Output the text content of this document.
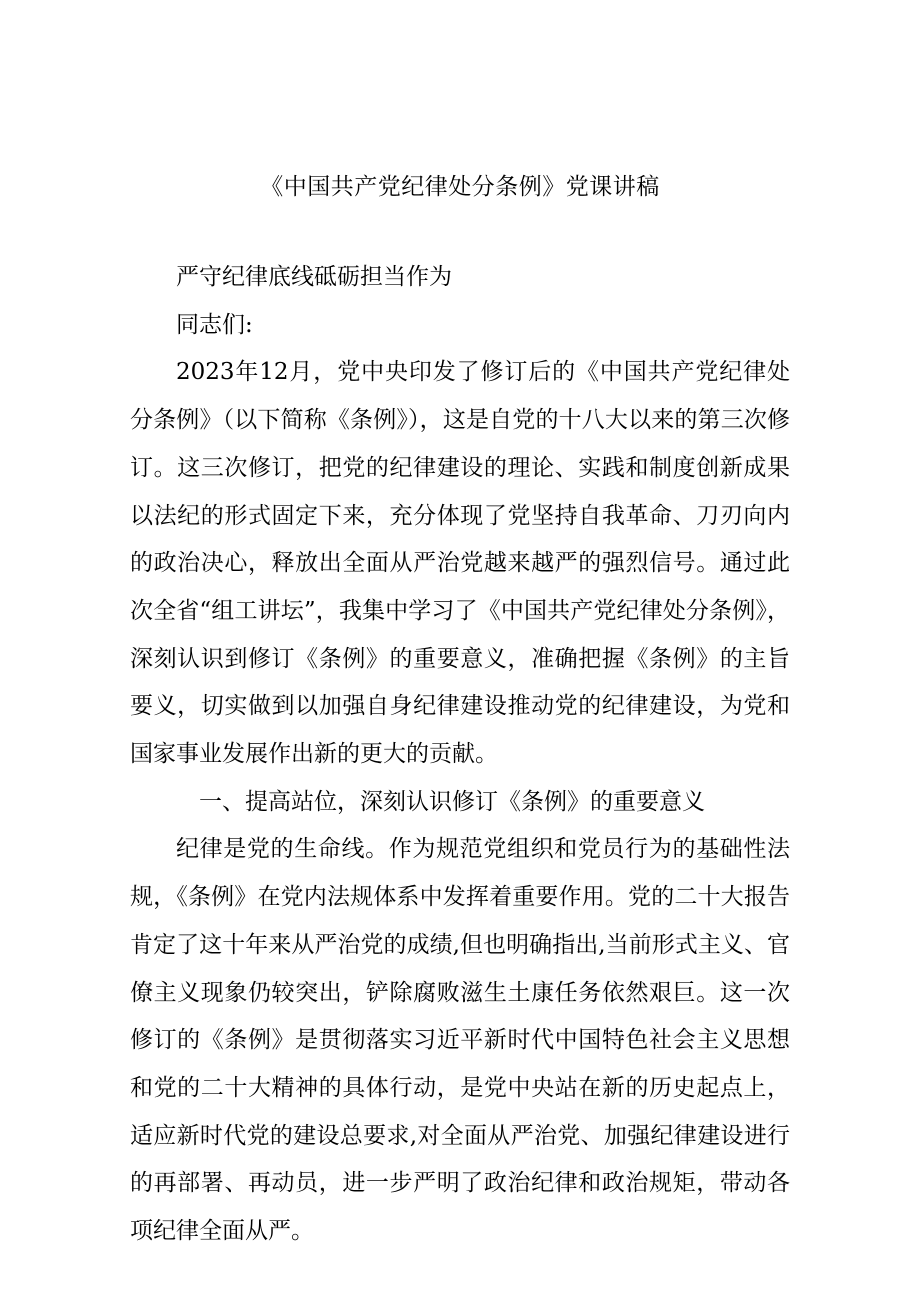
《中国共产党纪律处分条例》党课讲稿

严守纪律底线砥砺担当作为

同志们:

2023年12月，党中央印发了修订后的《中国共产党纪律处分条例》（以下简称《条例》），这是自党的十八大以来的第三次修订。这三次修订，把党的纪律建设的理论、实践和制度创新成果以法纪的形式固定下来，充分体现了党坚持自我革命、刀刃向内的政治决心，释放出全面从严治党越来越严的强烈信号。通过此次全省“组工讲坛”，我集中学习了《中国共产党纪律处分条例》，深刻认识到修订《条例》的重要意义，准确把握《条例》的主旨要义，切实做到以加强自身纪律建设推动党的纪律建设，为党和国家事业发展作出新的更大的贡献。

一、提高站位，深刻认识修订《条例》的重要意义

纪律是党的生命线。作为规范党组织和党员行为的基础性法规，《条例》在党内法规体系中发挥着重要作用。党的二十大报告肯定了这十年来从严治党的成绩,但也明确指出,当前形式主义、官僚主义现象仍较突出，铲除腐败滋生土康任务依然艰巨。这一次修订的《条例》是贯彻落实习近平新时代中国特色社会主义思想和党的二十大精神的具体行动，是党中央站在新的历史起点上，适应新时代党的建设总要求,对全面从严治党、加强纪律建设进行的再部署、再动员，进一步严明了政治纪律和政治规矩，带动各项纪律全面从严。
